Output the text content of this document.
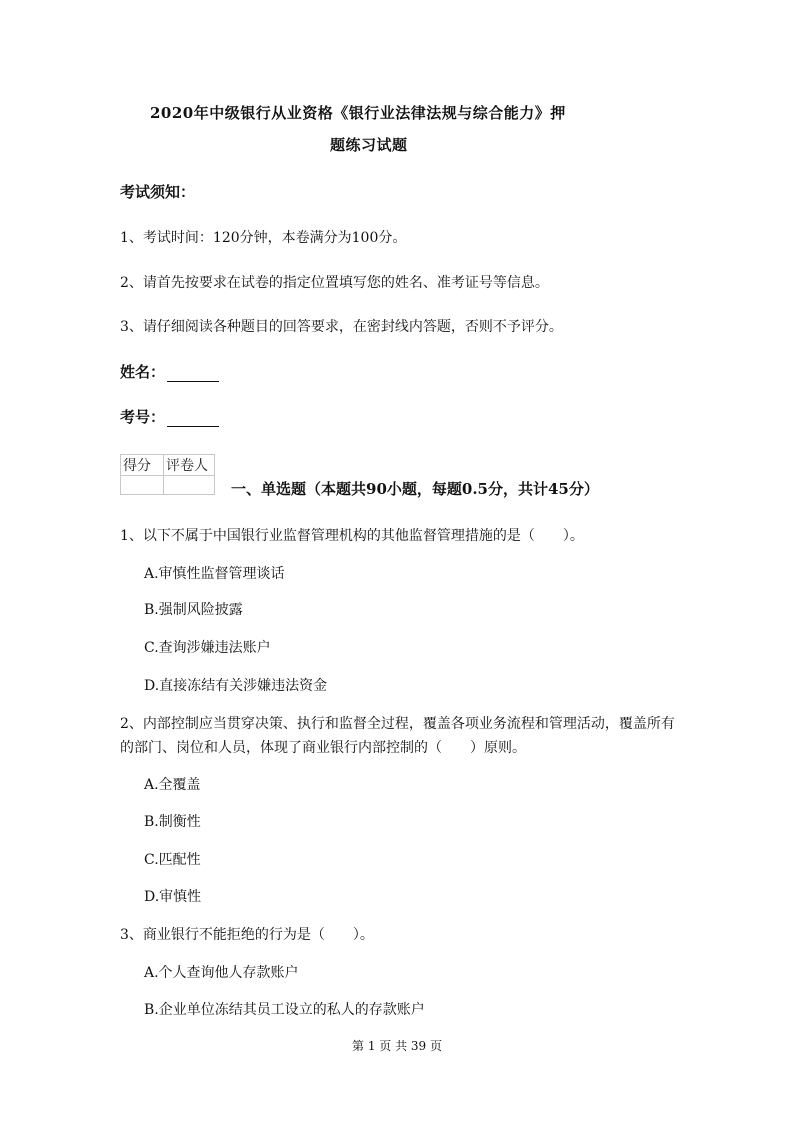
2020年中级银行从业资格《银行业法律法规与综合能力》押
题练习试题
考试须知：
1、考试时间：120分钟，本卷满分为100分。
2、请首先按要求在试卷的指定位置填写您的姓名、准考证号等信息。
3、请仔细阅读各种题目的回答要求，在密封线内答题，否则不予评分。
姓名：
考号：
得分	评卷人

一、单选题（本题共90小题，每题0.5分，共计45分）
1、以下不属于中国银行业监督管理机构的其他监督管理措施的是（　　）。
A.审慎性监督管理谈话
B.强制风险披露
C.查询涉嫌违法账户
D.直接冻结有关涉嫌违法资金
2、内部控制应当贯穿决策、执行和监督全过程，覆盖各项业务流程和管理活动，覆盖所有
的部门、岗位和人员，体现了商业银行内部控制的（　　）原则。
A.全覆盖
B.制衡性
C.匹配性
D.审慎性
3、商业银行不能拒绝的行为是（　　）。
A.个人查询他人存款账户
B.企业单位冻结其员工设立的私人的存款账户
第 1 页 共 39 页
